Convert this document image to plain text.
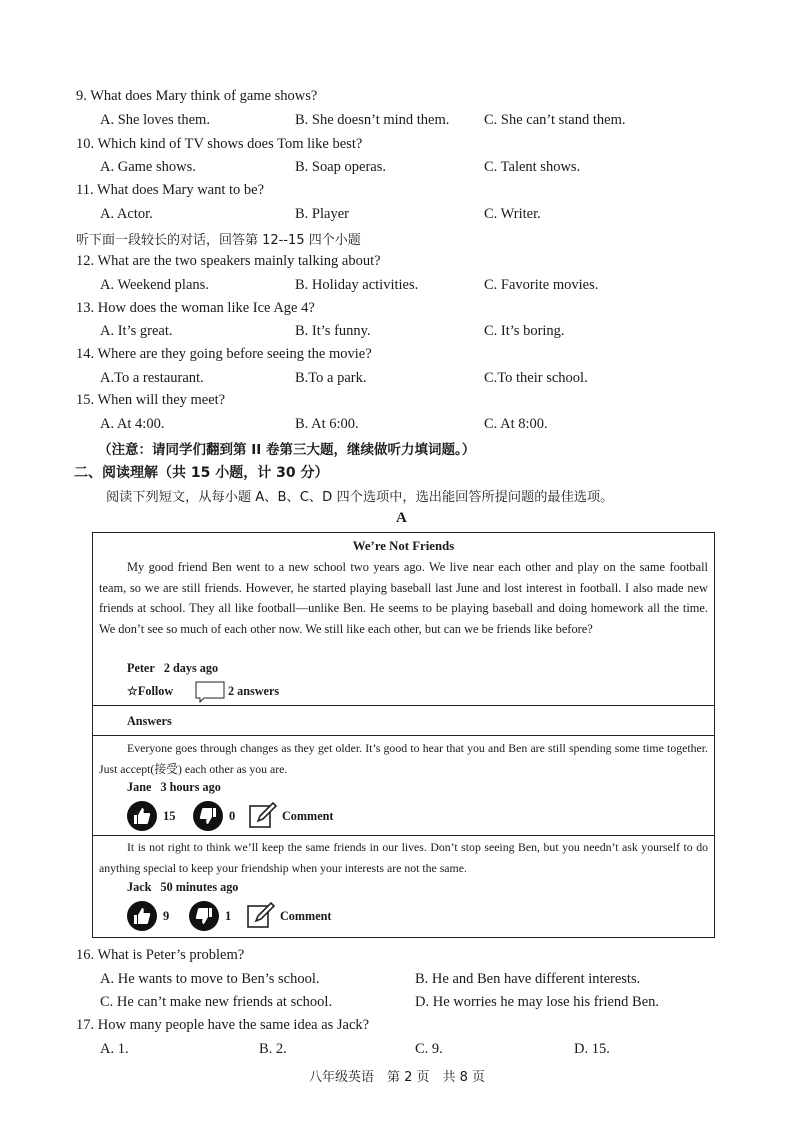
9. What does Mary think of game shows?
A. She loves them.	B. She doesn’t mind them. C. She can’t stand them.
10. Which kind of TV shows does Tom like best?
A. Game shows.	B. Soap operas.	C. Talent shows.
11. What does Mary want to be?
A. Actor.	B. Player	C. Writer.
听下面一段较长的对话，回答第 12--15 四个小题
12. What are the two speakers mainly talking about?
A. Weekend plans.	B. Holiday activities.	C. Favorite movies.
13. How does the woman like Ice Age 4?
A. It’s great.	B. It’s funny.	C. It’s boring.
14. Where are they going before seeing the movie?
A.To a restaurant.	B.To a park.	C.To their school.
15. When will they meet?
A. At 4:00.	B. At 6:00.	C. At 8:00.
（注意：请同学们翻到第 II 卷第三大题，继续做听力填词题。）
二、阅读理解（共 15 小题，计 30 分）
阅读下列短文，从每小题 A、B、C、D 四个选项中，选出能回答所提问题的最佳选项。
A
We’re Not Friends
My good friend Ben went to a new school two years ago. We live near each other and play on the same football team, so we are still friends. However, he started playing baseball last June and lost interest in football. I also made new friends at school. They all like football—unlike Ben. He seems to be playing baseball and doing homework all the time. We don’t see so much of each other now. We still like each other, but can we be friends like before?
Peter 2 days ago
☆Follow	2 answers
Answers
Everyone goes through changes as they get older. It’s good to hear that you and Ben are still spending some time together. Just accept(接受) each other as you are.
Jane 3 hours ago
15	0	Comment
It is not right to think we’ll keep the same friends in our lives. Don’t stop seeing Ben, but you needn’t ask yourself to do anything special to keep your friendship when your interests are not the same.
Jack 50 minutes ago
9	1	Comment
16. What is Peter’s problem?
A. He wants to move to Ben’s school.	B. He and Ben have different interests.
C. He can’t make new friends at school.	D. He worries he may lose his friend Ben.
17. How many people have the same idea as Jack?
A. 1.	B. 2.	C. 9.	D. 15.
八年级英语　第 2 页　共 8 页
